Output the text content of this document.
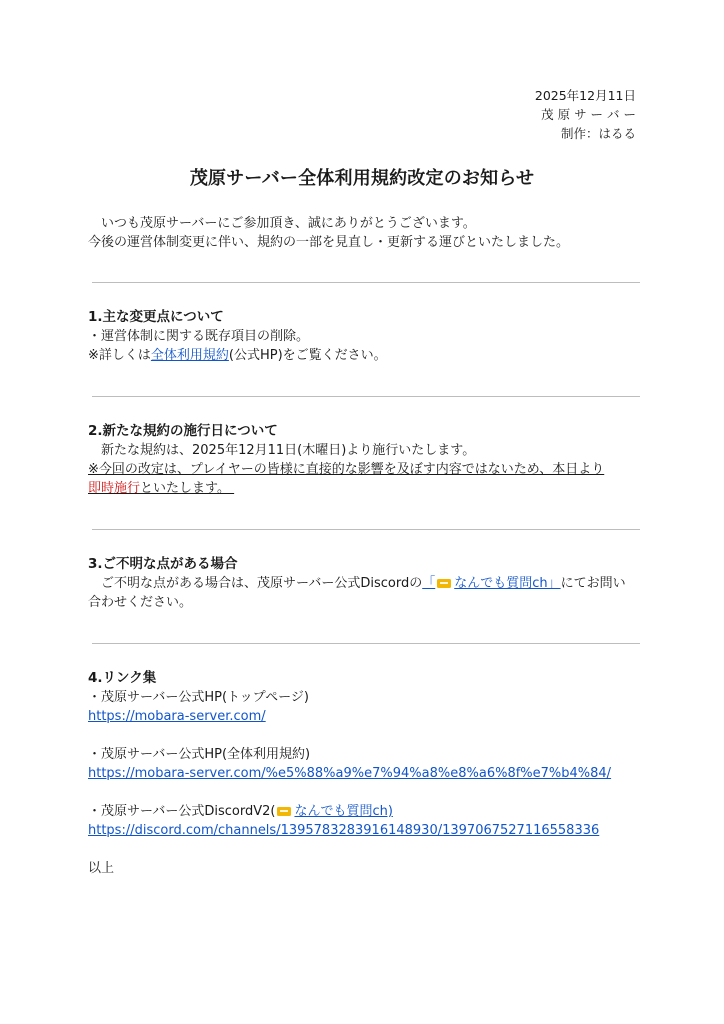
2025年12月11日
茂 原 サ ー バ ー
制作：はるる
茂原サーバー全体利用規約改定のお知らせ
いつも茂原サーバーにご参加頂き、誠にありがとうございます。
今後の運営体制変更に伴い、規約の一部を見直し・更新する運びといたしました。
1.主な変更点について
・運営体制に関する既存項目の削除。
※詳しくは全体利用規約(公式HP)をご覧ください。
2.新たな規約の施行日について
新たな規約は、2025年12月11日(木曜日)より施行いたします。
※今回の改定は、プレイヤーの皆様に直接的な影響を及ぼす内容ではないため、本日より
即時施行といたします。
3.ご不明な点がある場合
ご不明な点がある場合は、茂原サーバー公式Discordの「 なんでも質問ch」にてお問い
合わせください。
4.リンク集
・茂原サーバー公式HP(トップページ)
https://mobara-server.com/
・茂原サーバー公式HP(全体利用規約)
https://mobara-server.com/%e5%88%a9%e7%94%a8%e8%a6%8f%e7%b4%84/
・茂原サーバー公式DiscordV2( なんでも質問ch)
https://discord.com/channels/1395783283916148930/1397067527116558336
以上
